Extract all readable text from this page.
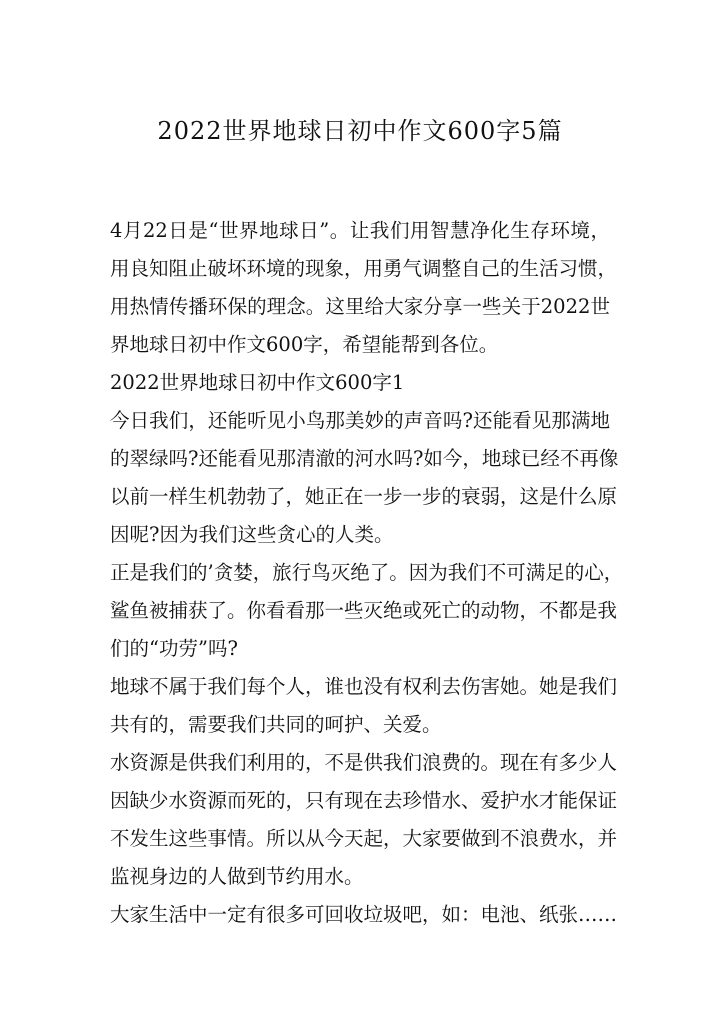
2022世界地球日初中作文600字5篇
4月22日是“世界地球日”。让我们用智慧净化生存环境，
用良知阻止破坏环境的现象，用勇气调整自己的生活习惯，
用热情传播环保的理念。这里给大家分享一些关于2022世
界地球日初中作文600字，希望能帮到各位。
2022世界地球日初中作文600字1
今日我们，还能听见小鸟那美妙的声音吗?还能看见那满地
的翠绿吗?还能看见那清澈的河水吗?如今，地球已经不再像
以前一样生机勃勃了，她正在一步一步的衰弱，这是什么原
因呢?因为我们这些贪心的人类。
正是我们的’贪婪，旅行鸟灭绝了。因为我们不可满足的心，
鲨鱼被捕获了。你看看那一些灭绝或死亡的动物，不都是我
们的“功劳”吗?
地球不属于我们每个人，谁也没有权利去伤害她。她是我们
共有的，需要我们共同的呵护、关爱。
水资源是供我们利用的，不是供我们浪费的。现在有多少人
因缺少水资源而死的，只有现在去珍惜水、爱护水才能保证
不发生这些事情。所以从今天起，大家要做到不浪费水，并
监视身边的人做到节约用水。
大家生活中一定有很多可回收垃圾吧，如：电池、纸张……
